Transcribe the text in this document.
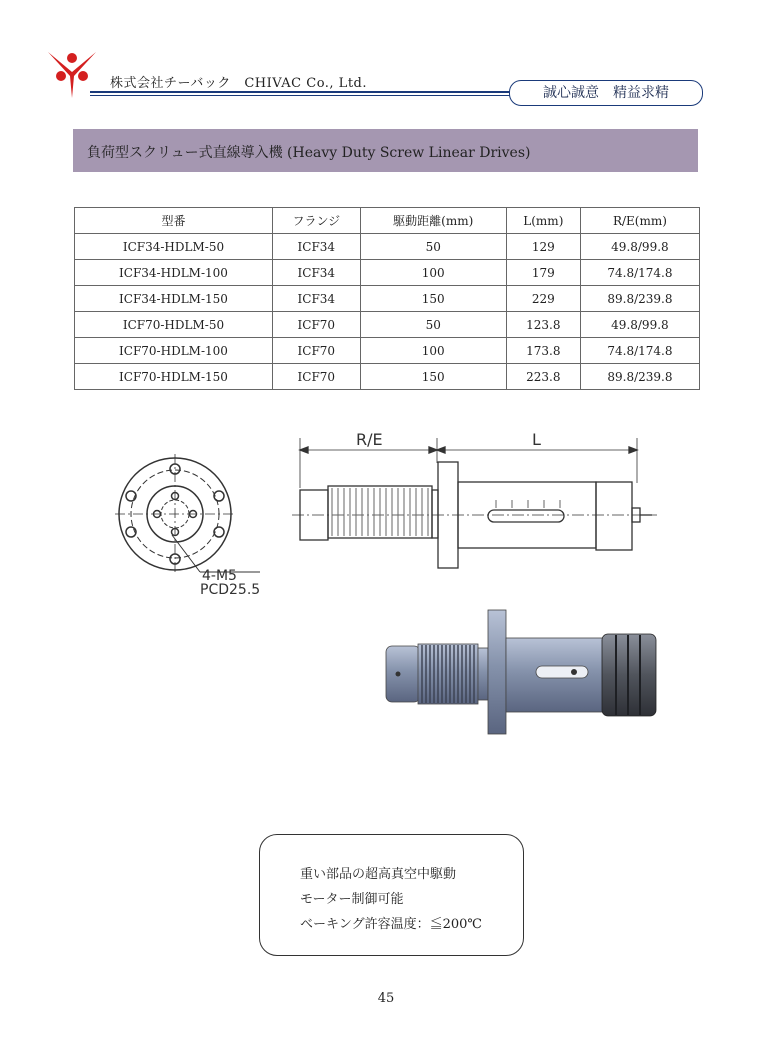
株式会社チーバック　CHIVAC Co., Ltd.
誠心誠意　精益求精
負荷型スクリュー式直線導入機 (Heavy Duty Screw Linear Drives)
型番	フランジ	駆動距離(mm)	L(mm)	R/E(mm)
ICF34-HDLM-50	ICF34	50	129	49.8/99.8
ICF34-HDLM-100	ICF34	100	179	74.8/174.8
ICF34-HDLM-150	ICF34	150	229	89.8/239.8
ICF70-HDLM-50	ICF70	50	123.8	49.8/99.8
ICF70-HDLM-100	ICF70	100	173.8	74.8/174.8
ICF70-HDLM-150	ICF70	150	223.8	89.8/239.8
4-M5
PCD25.5
R/E	L
重い部品の超高真空中駆動
モーター制御可能
ベーキング許容温度：≦200℃
45
